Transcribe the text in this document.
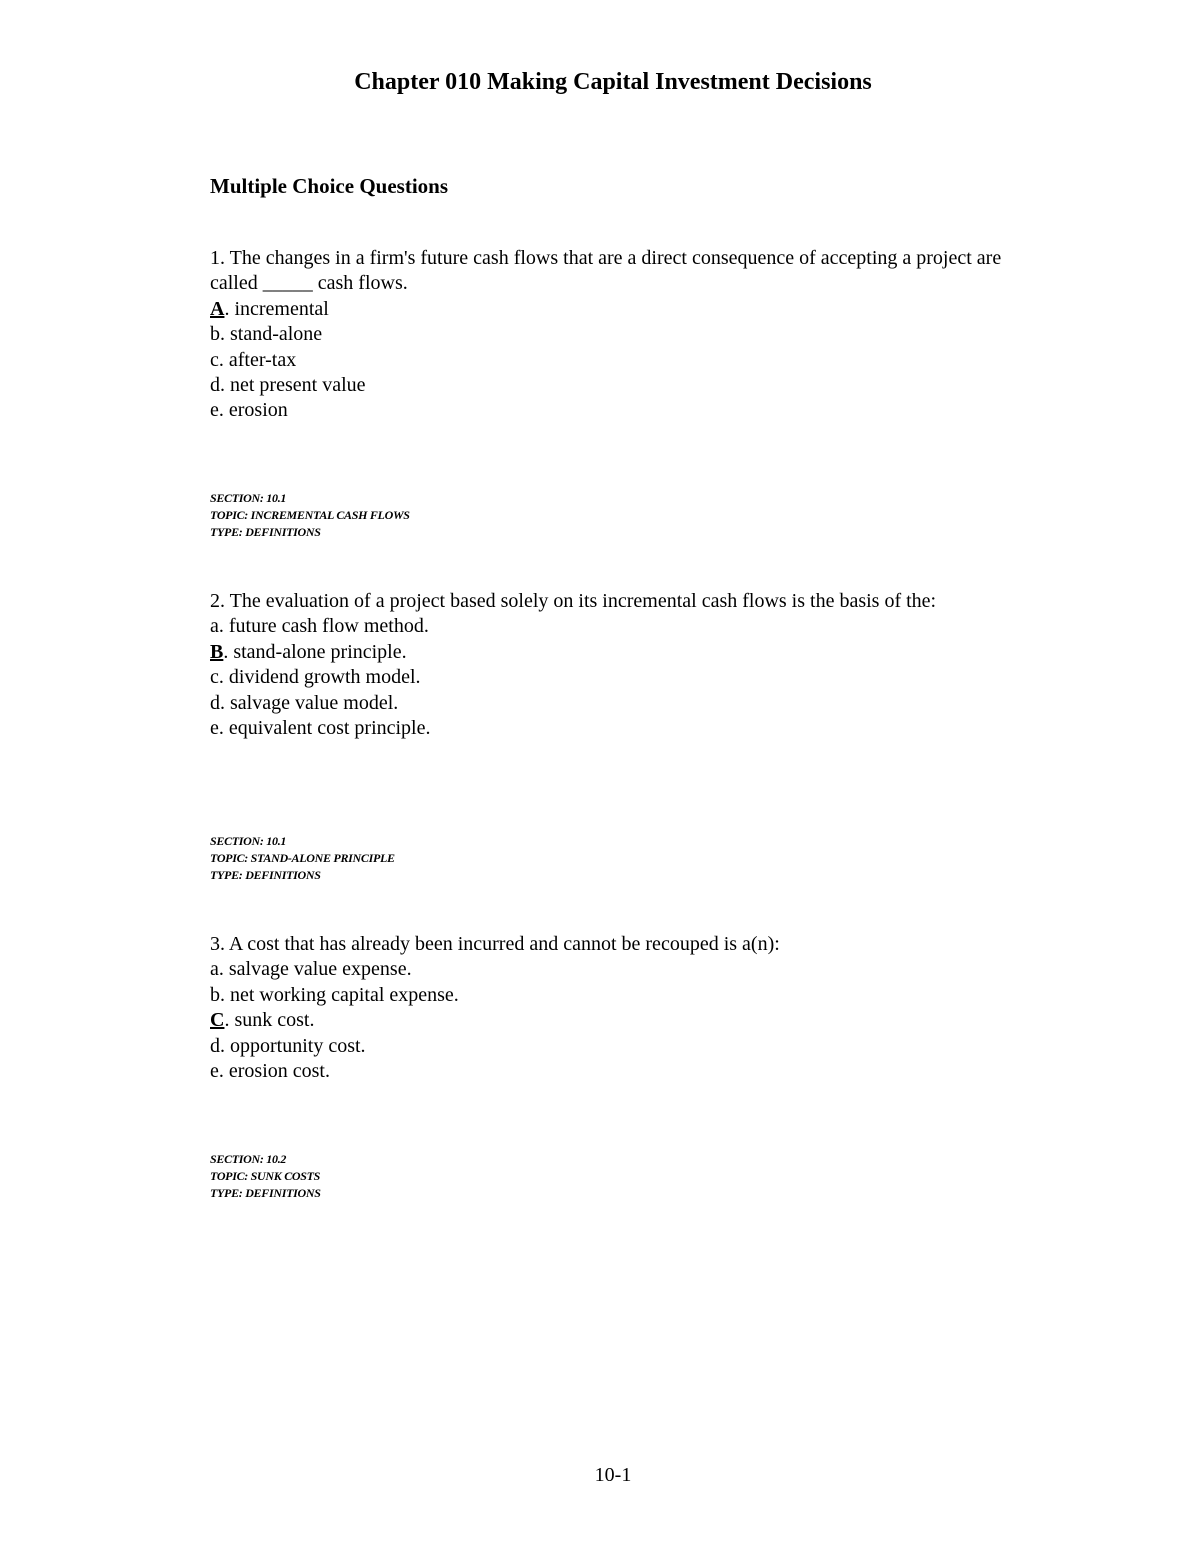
Chapter 010 Making Capital Investment Decisions
Multiple Choice Questions

1. The changes in a firm's future cash flows that are a direct consequence of accepting a project are called _____ cash flows.

A. incremental
b. stand-alone
c. after-tax
d. net present value
e. erosion
SECTION: 10.1
TOPIC: INCREMENTAL CASH FLOWS
TYPE: DEFINITIONS

2. The evaluation of a project based solely on its incremental cash flows is the basis of the:

a. future cash flow method.
B. stand-alone principle.
c. dividend growth model.
d. salvage value model.
e. equivalent cost principle.
SECTION: 10.1
TOPIC: STAND-ALONE PRINCIPLE
TYPE: DEFINITIONS

3. A cost that has already been incurred and cannot be recouped is a(n):

a. salvage value expense.
b. net working capital expense.
C. sunk cost.
d. opportunity cost.
e. erosion cost.
SECTION: 10.2
TOPIC: SUNK COSTS
TYPE: DEFINITIONS
10-1
